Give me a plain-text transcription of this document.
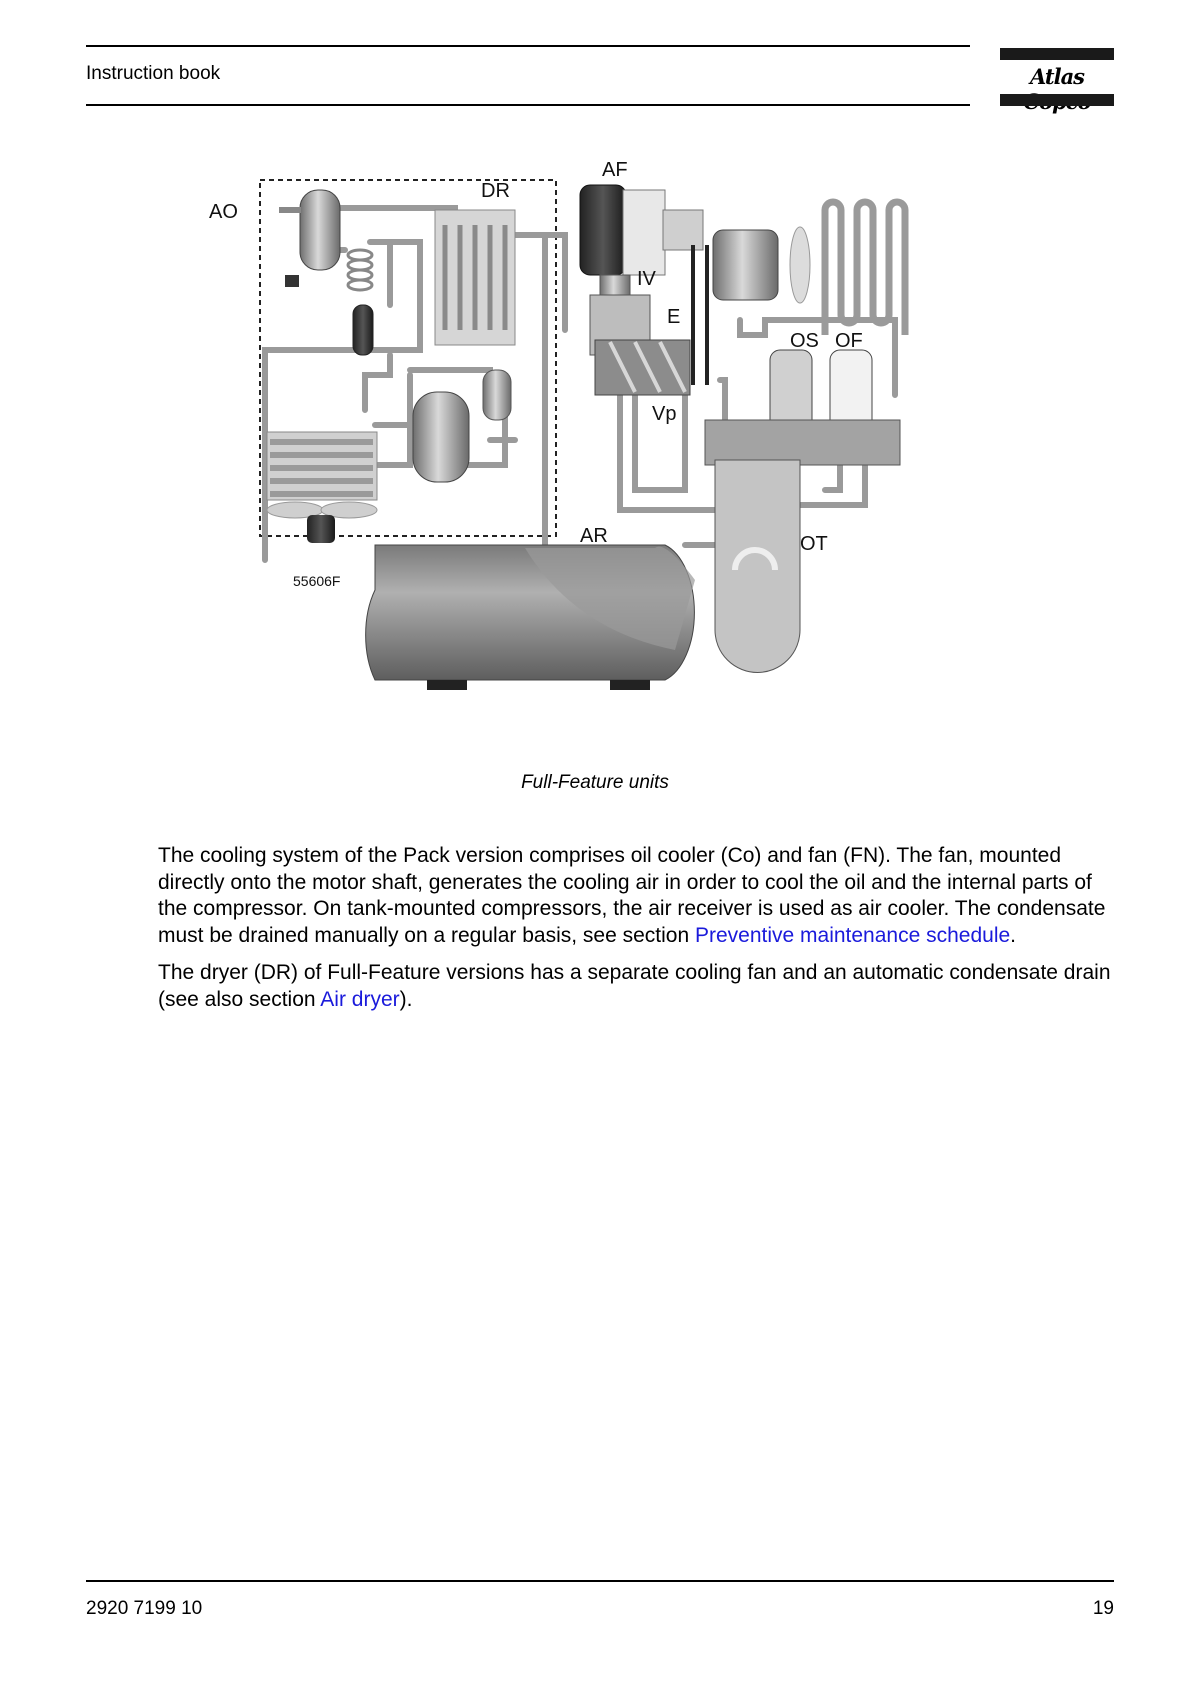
Instruction book	Atlas
AO
DR
AF
IV
E
OS OF
Vp
AR	OT
55606F
Full-Feature units

The cooling system of the Pack version comprises oil cooler (Co) and fan (FN). The fan, mounted directly onto the motor shaft, generates the cooling air in order to cool the oil and the internal parts of the compressor. On tank-mounted compressors, the air receiver is used as air cooler. The condensate must be drained manually on a regular basis, see section Preventive maintenance schedule.

The dryer (DR) of Full-Feature versions has a separate cooling fan and an automatic condensate drain (see also section Air dryer).

2920 7199 10	19
